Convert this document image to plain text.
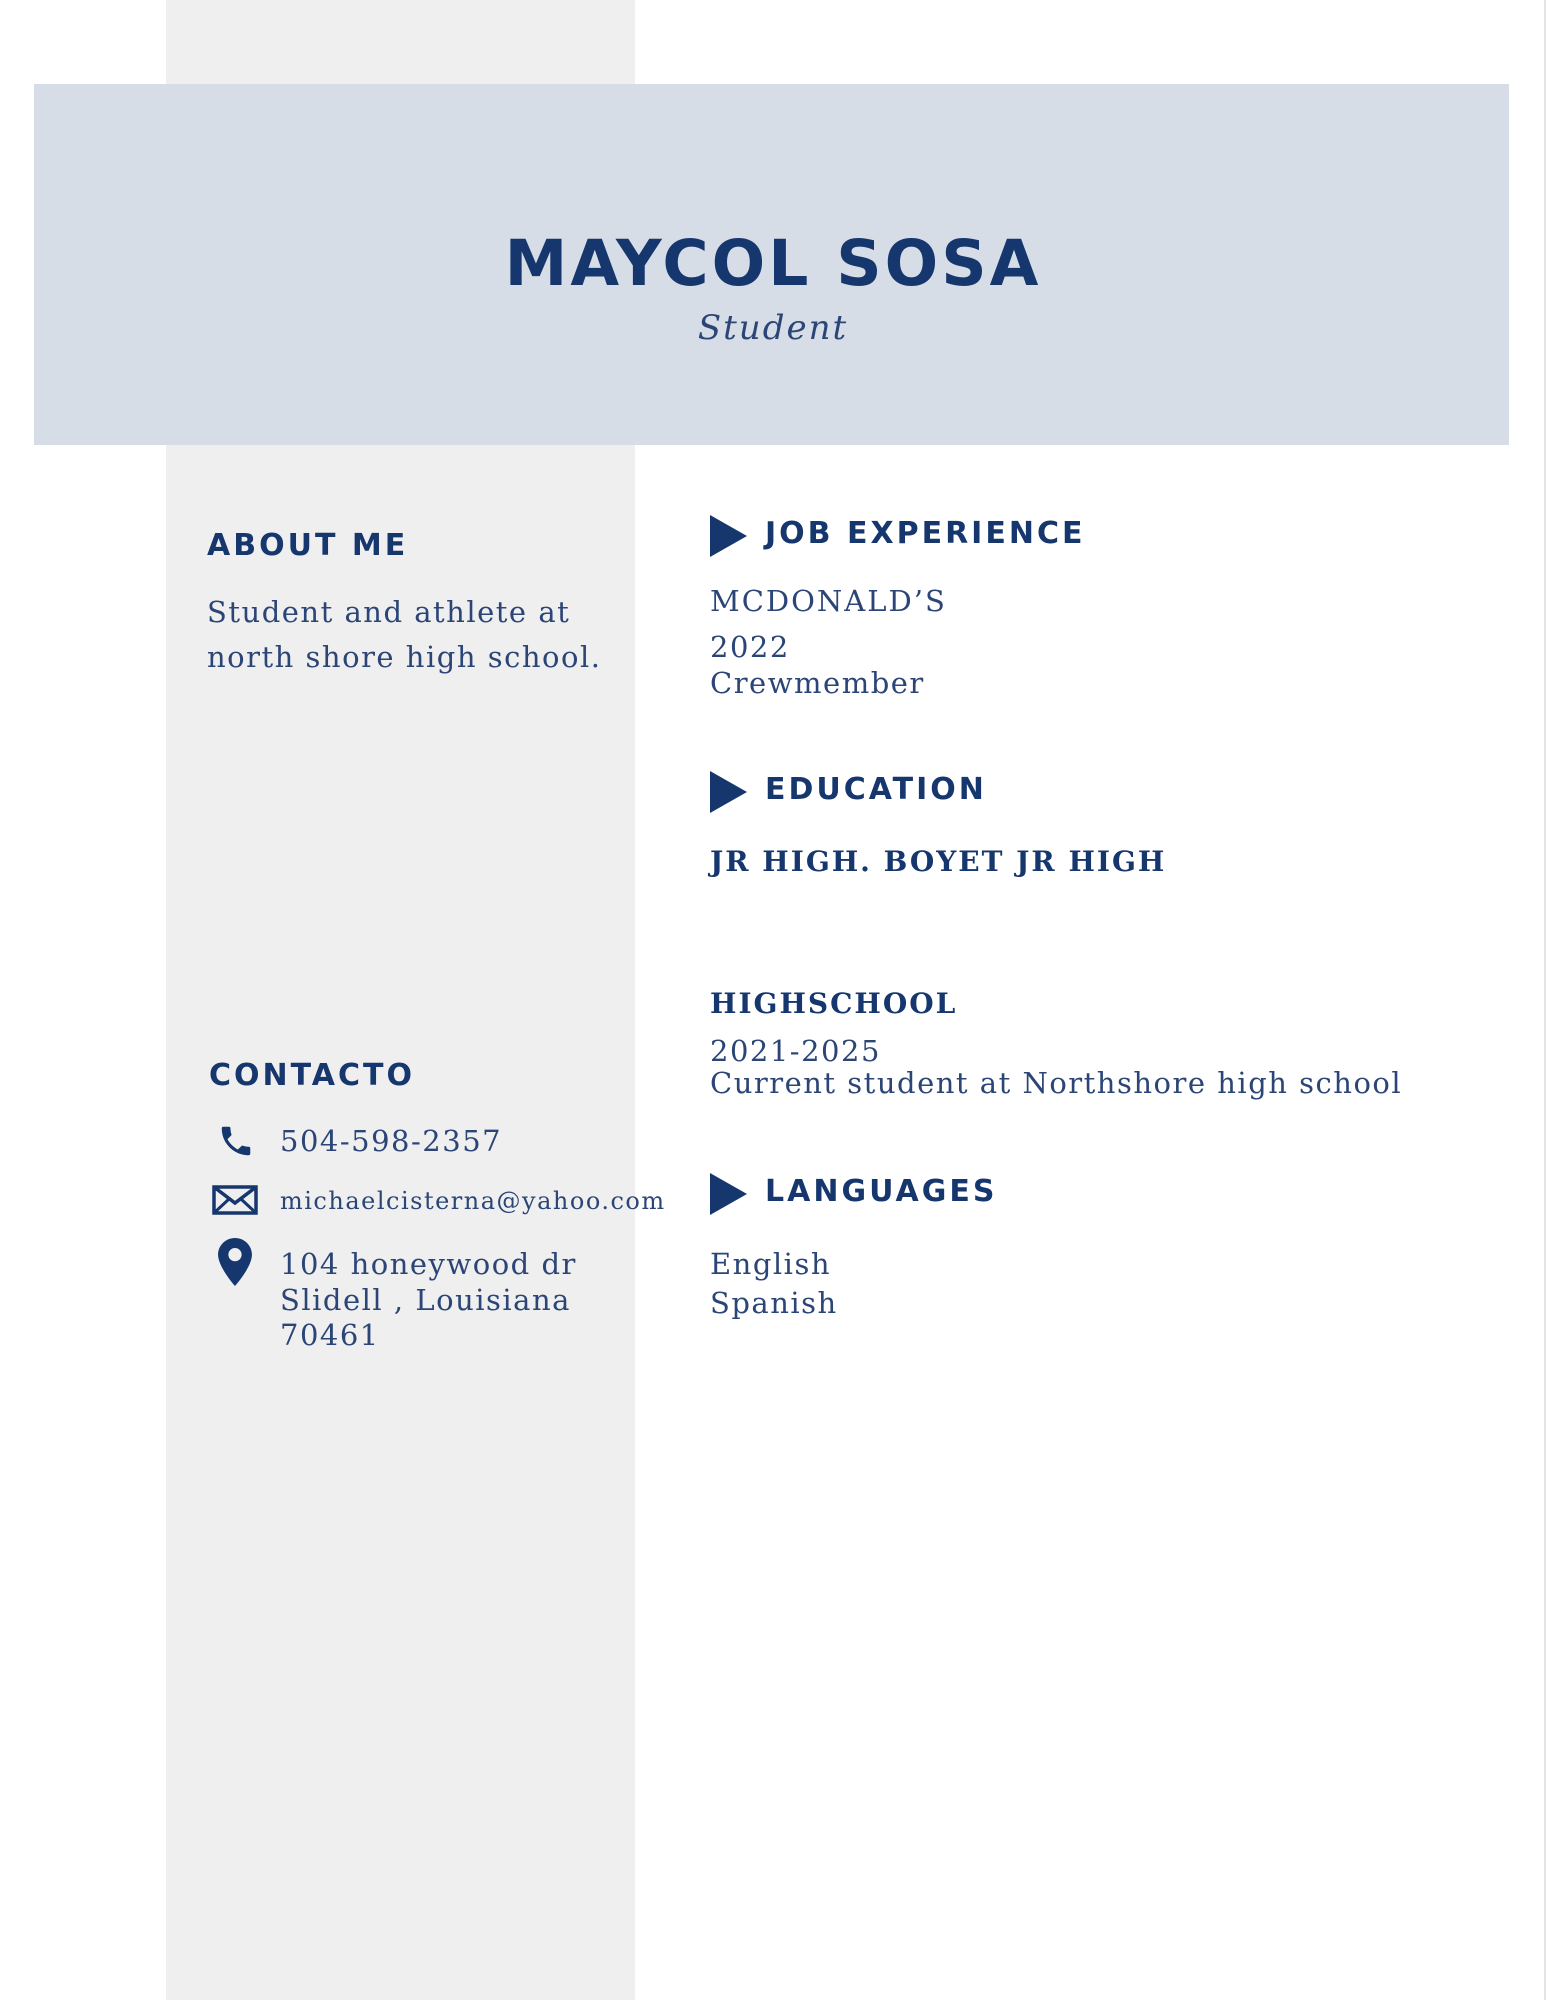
MAYCOL SOSA
Student
ABOUT ME
Student and athlete at north shore high school.
CONTACTO
504-598-2357
michaelcisterna@yahoo.com
104 honeywood dr
Slidell , Louisiana
70461
JOB EXPERIENCE
MCDONALD’S
2022
Crewmember
EDUCATION
JR HIGH. BOYET JR HIGH
HIGHSCHOOL
2021-2025
Current student at Northshore high school
LANGUAGES
English
Spanish
